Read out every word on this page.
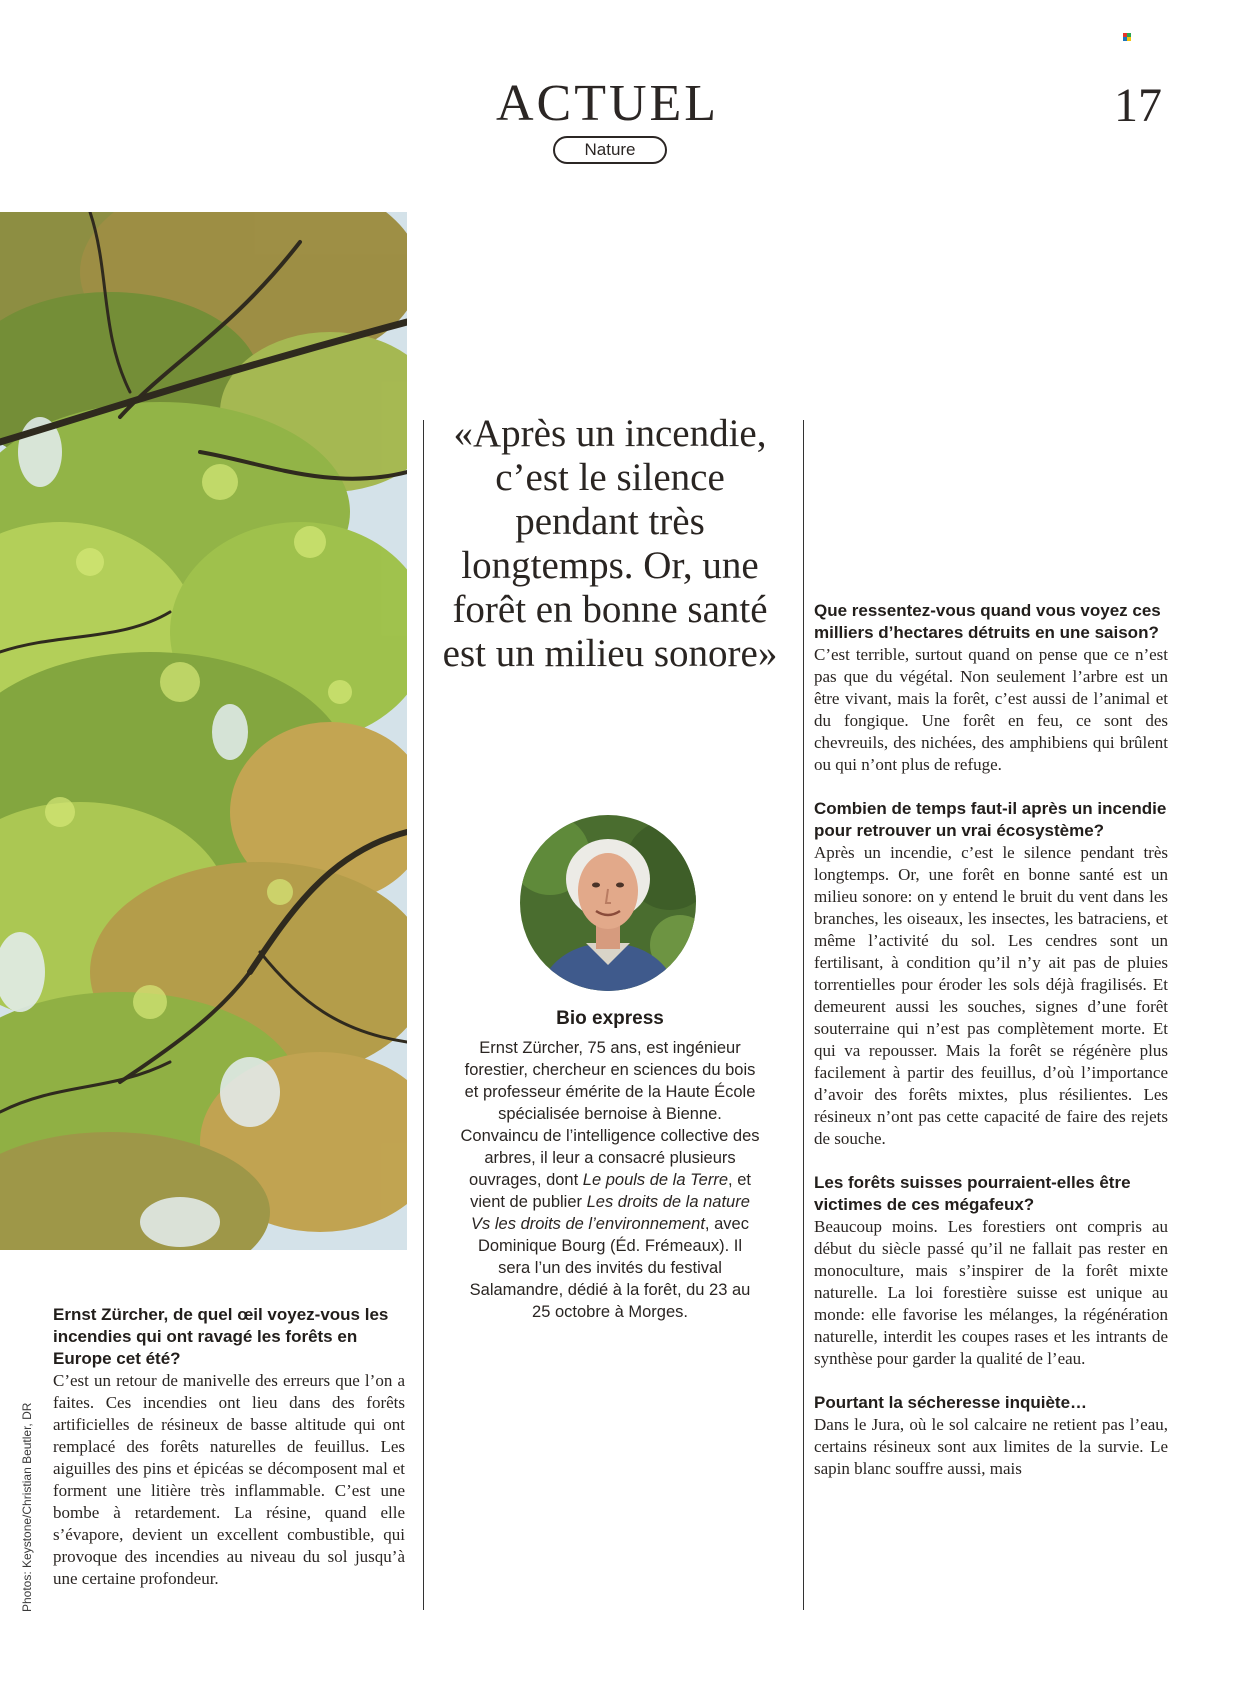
ACTUEL	17
Nature
Photos: Keystone/Christian Beutler, DR

Ernst Zürcher, de quel œil voyez-vous les incendies qui ont ravagé les forêts en Europe cet été?

C’est un retour de manivelle des erreurs que l’on a faites. Ces incendies ont lieu dans des forêts artificielles de résineux de basse altitude qui ont remplacé des forêts naturelles de feuillus. Les aiguilles des pins et épicéas se décomposent mal et forment une litière très inflammable. C’est une bombe à retardement. La résine, quand elle s’évapore, devient un excellent combustible, qui provoque des incendies au niveau du sol jusqu’à une certaine profondeur.

«Après un incendie, c’est le silence pendant très longtemps. Or, une forêt en bonne santé est un milieu sonore»
Bio express
Ernst Zürcher, 75 ans, est ingénieur forestier, chercheur en sciences du bois et professeur émérite de la Haute École spécialisée bernoise à Bienne. Convaincu de l’intelligence collective des arbres, il leur a consacré plusieurs ouvrages, dont Le pouls de la Terre, et vient de publier Les droits de la nature Vs les droits de l’environnement, avec Dominique Bourg (Éd. Frémeaux). Il sera l’un des invités du festival Salamandre, dédié à la forêt, du 23 au 25 octobre à Morges.

Que ressentez-vous quand vous voyez ces milliers d’hectares détruits en une saison?

C’est terrible, surtout quand on pense que ce n’est pas que du végétal. Non seulement l’arbre est un être vivant, mais la forêt, c’est aussi de l’animal et du fongique. Une forêt en feu, ce sont des chevreuils, des nichées, des amphibiens qui brûlent ou qui n’ont plus de refuge.

Combien de temps faut-il après un incendie pour retrouver un vrai écosystème?

Après un incendie, c’est le silence pendant très longtemps. Or, une forêt en bonne santé est un milieu sonore: on y entend le bruit du vent dans les branches, les oiseaux, les insectes, les batraciens, et même l’activité du sol. Les cendres sont un fertilisant, à condition qu’il n’y ait pas de pluies torrentielles pour éroder les sols déjà fragilisés. Et demeurent aussi les souches, signes d’une forêt souterraine qui n’est pas complètement morte. Et qui va repousser. Mais la forêt se régénère plus facilement à partir des feuillus, d’où l’importance d’avoir des forêts mixtes, plus résilientes. Les résineux n’ont pas cette capacité de faire des rejets de souche.

Les forêts suisses pourraient-elles être victimes de ces mégafeux?

Beaucoup moins. Les forestiers ont compris au début du siècle passé qu’il ne fallait pas rester en monoculture, mais s’inspirer de la forêt mixte naturelle. La loi forestière suisse est unique au monde: elle favorise les mélanges, la régénération naturelle, interdit les coupes rases et les intrants de synthèse pour garder la qualité de l’eau.

Pourtant la sécheresse inquiète…

Dans le Jura, où le sol calcaire ne retient pas l’eau, certains résineux sont aux limites de la survie. Le sapin blanc souffre aussi, mais
